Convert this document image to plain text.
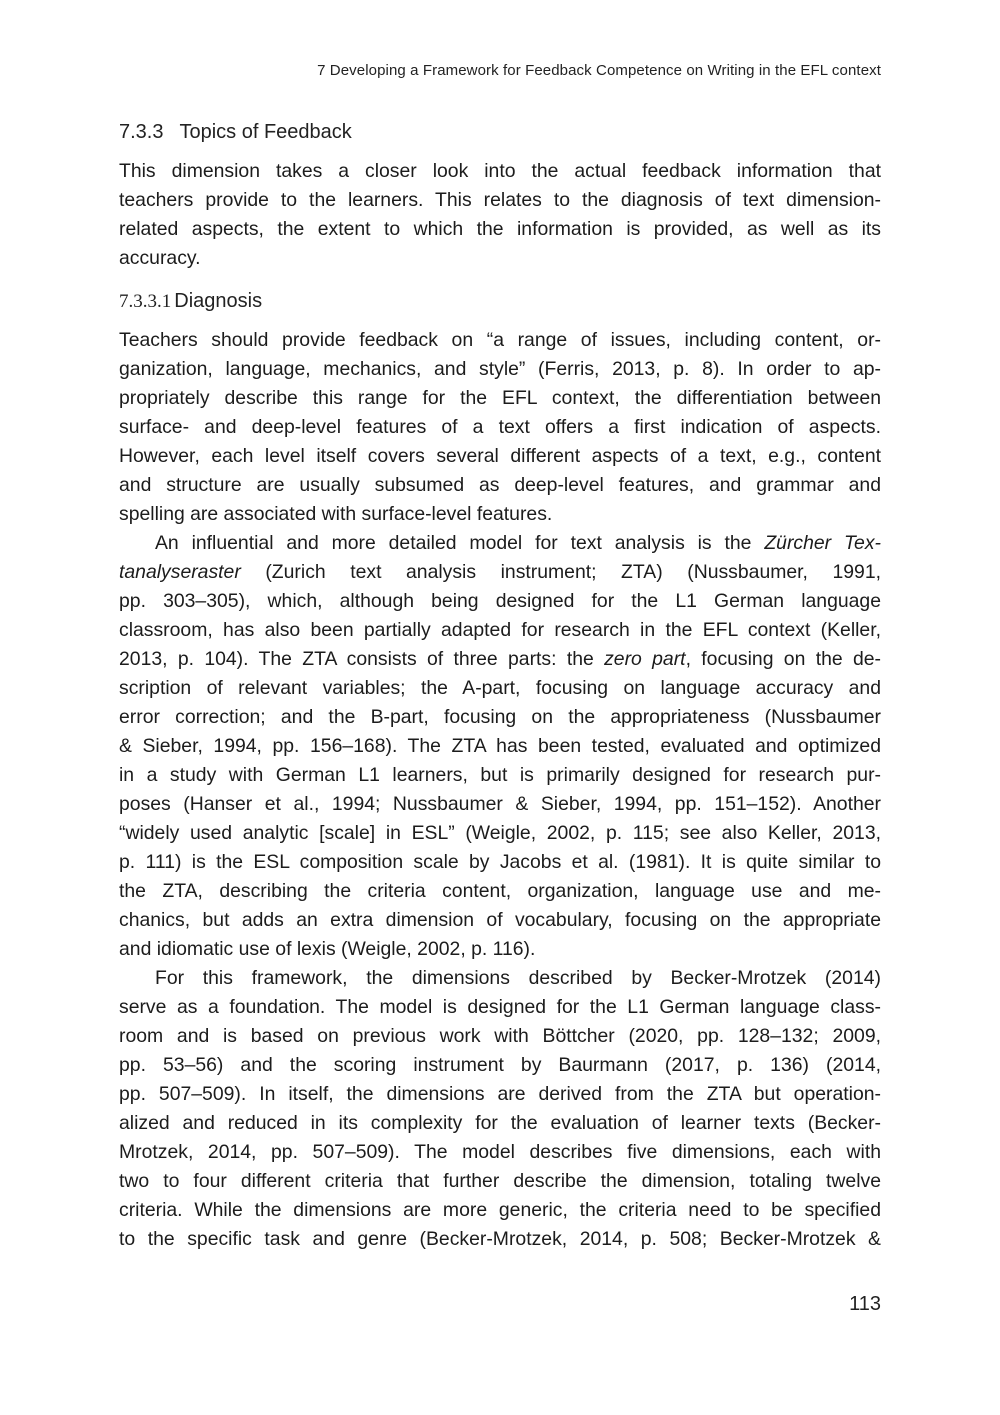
7 Developing a Framework for Feedback Competence on Writing in the EFL context
7.3.3 Topics of Feedback

This dimension takes a closer look into the actual feedback information that
teachers provide to the learners. This relates to the diagnosis of text dimension-
related aspects, the extent to which the information is provided, as well as its
accuracy.

7.3.3.1 Diagnosis

Teachers should provide feedback on “a range of issues, including content, or-
ganization, language, mechanics, and style” (Ferris, 2013, p. 8). In order to ap-
propriately describe this range for the EFL context, the differentiation between
surface- and deep-level features of a text offers a first indication of aspects.
However, each level itself covers several different aspects of a text, e.g., content
and structure are usually subsumed as deep-level features, and grammar and
spelling are associated with surface-level features.

An influential and more detailed model for text analysis is the Zürcher Tex-
tanalyseraster (Zurich text analysis instrument; ZTA) (Nussbaumer, 1991,
pp. 303–305), which, although being designed for the L1 German language
classroom, has also been partially adapted for research in the EFL context (Keller,
2013, p. 104). The ZTA consists of three parts: the zero part, focusing on the de-
scription of relevant variables; the A-part, focusing on language accuracy and
error correction; and the B-part, focusing on the appropriateness (Nussbaumer
& Sieber, 1994, pp. 156–168). The ZTA has been tested, evaluated and optimized
in a study with German L1 learners, but is primarily designed for research pur-
poses (Hanser et al., 1994; Nussbaumer & Sieber, 1994, pp. 151–152). Another
“widely used analytic [scale] in ESL” (Weigle, 2002, p. 115; see also Keller, 2013,
p. 111) is the ESL composition scale by Jacobs et al. (1981). It is quite similar to
the ZTA, describing the criteria content, organization, language use and me-
chanics, but adds an extra dimension of vocabulary, focusing on the appropriate
and idiomatic use of lexis (Weigle, 2002, p. 116).

For this framework, the dimensions described by Becker-Mrotzek (2014)
serve as a foundation. The model is designed for the L1 German language class-
room and is based on previous work with Böttcher (2020, pp. 128–132; 2009,
pp. 53–56) and the scoring instrument by Baurmann (2017, p. 136) (2014,
pp. 507–509). In itself, the dimensions are derived from the ZTA but operation-
alized and reduced in its complexity for the evaluation of learner texts (Becker-
Mrotzek, 2014, pp. 507–509). The model describes five dimensions, each with
two to four different criteria that further describe the dimension, totaling twelve
criteria. While the dimensions are more generic, the criteria need to be specified
to the specific task and genre (Becker-Mrotzek, 2014, p. 508; Becker-Mrotzek &

113
